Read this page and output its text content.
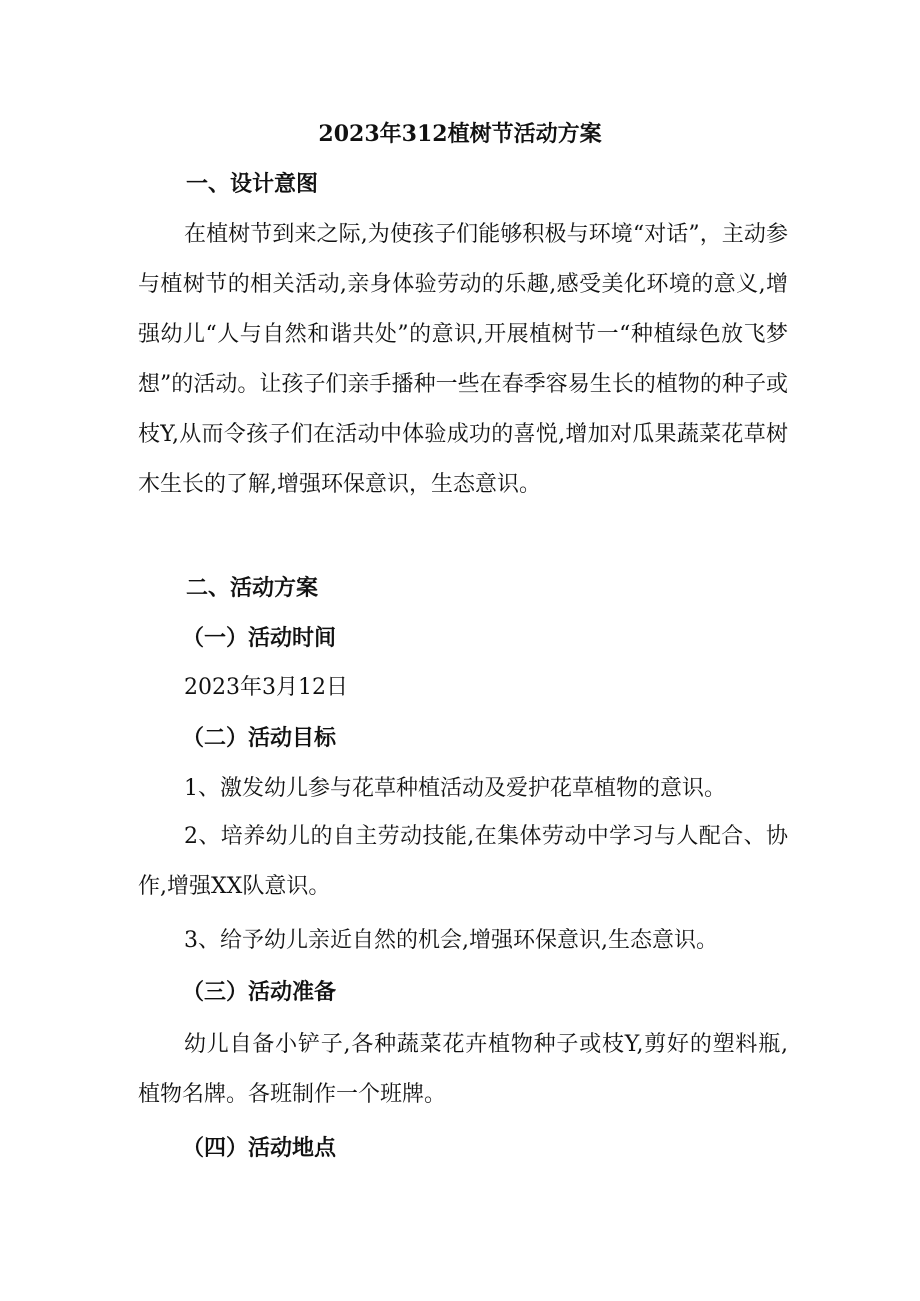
2023年312植树节活动方案
一、设计意图
在植树节到来之际,为使孩子们能够积极与环境“对话”，主动参与植树节的相关活动,亲身体验劳动的乐趣,感受美化环境的意义,增强幼儿“人与自然和谐共处”的意识,开展植树节一“种植绿色放飞梦想”的活动。让孩子们亲手播种一些在春季容易生长的植物的种子或枝Y,从而令孩子们在活动中体验成功的喜悦,增加对瓜果蔬菜花草树木生长的了解,增强环保意识，生态意识。
二、活动方案
（一）活动时间
2023年3月12日
（二）活动目标
1、激发幼儿参与花草种植活动及爱护花草植物的意识。
2、培养幼儿的自主劳动技能,在集体劳动中学习与人配合、协作,增强XX队意识。
3、给予幼儿亲近自然的机会,增强环保意识,生态意识。
（三）活动准备
幼儿自备小铲子,各种蔬菜花卉植物种子或枝Y,剪好的塑料瓶,植物名牌。各班制作一个班牌。
（四）活动地点
